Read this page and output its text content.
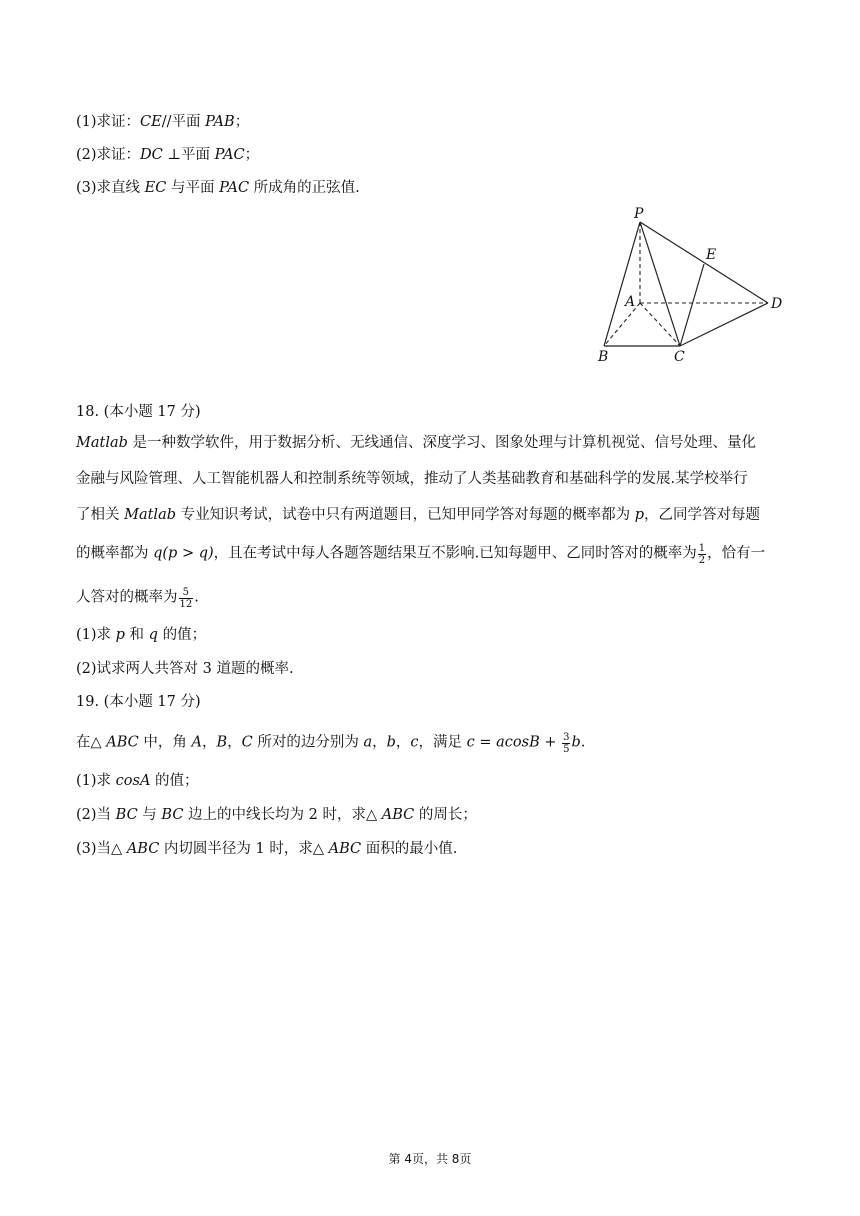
(1)求证：CE//平面 PAB；
(2)求证：DC ⊥平面 PAC；
(3)求直线 EC 与平面 PAC 所成角的正弦值.
P
E
A	D
B	C
18. (本小题 17 分)
Matlab 是一种数学软件，用于数据分析、无线通信、深度学习、图象处理与计算机视觉、信号处理、量化
金融与风险管理、人工智能机器人和控制系统等领域，推动了人类基础教育和基础科学的发展.某学校举行
了相关 Matlab 专业知识考试，试卷中只有两道题目，已知甲同学答对每题的概率都为 p，乙同学答对每题
的概率都为 q(p > q)，且在考试中每人各题答题结果互不影响.已知每题甲、乙同时答对的概率为 $\frac{1}{2}$ ，恰有一
人答对的概率为 $\frac{5}{12}$ .
(1)求 p 和 q 的值；
(2)试求两人共答对 3 道题的概率.
19. (本小题 17 分)
在△ ABC 中，角 A，B，C 所对的边分别为 a，b，c，满足 $c = acosB + \frac{3}{5} b$.
(1)求 cosA 的值；
(2)当 BC 与 BC 边上的中线长均为 2 时，求△ ABC 的周长；
(3)当△ ABC 内切圆半径为 1 时，求△ ABC 面积的最小值.
第 4页，共 8页
